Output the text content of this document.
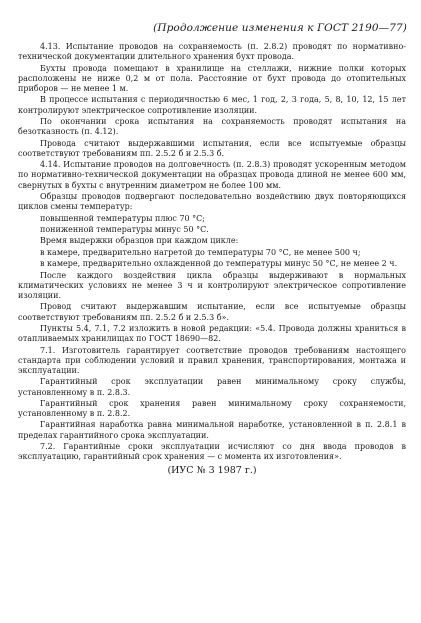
(Продолжение изменения к ГОСТ 2190—77)

4.13. Испытание проводов на сохраняемость (п. 2.8.2) проводят по нормативно-технической документации длительного хранения бухт провода.

Бухты провода помещают в хранилище на стеллажи, нижние полки которых расположены не ниже 0,2 м от пола. Расстояние от бухт провода до отопительных приборов — не менее 1 м.

В процессе испытания с периодичностью 6 мес, 1 год, 2, 3 года, 5, 8, 10, 12, 15 лет контролируют электрическое сопротивление изоляции.

По окончании срока испытания на сохраняемость проводят испытания на безотказность (п. 4.12).

Провода считают выдержавшими испытания, если все испытуемые образцы соответствуют требованиям пп. 2.5.2 б и 2.5.3 б.

4.14. Испытание проводов на долговечность (п. 2.8.3) проводят ускоренным методом по нормативно-технической документации на образцах провода длиной не менее 600 мм, свернутых в бухты с внутренним диаметром не более 100 мм.

Образцы проводов подвергают последовательно воздействию двух повторяющихся циклов смены температур:

повышенной температуры плюс 70 °С;

пониженной температуры минус 50 °С.

Время выдержки образцов при каждом цикле:

в камере, предварительно нагретой до температуры 70 °С, не менее 500 ч;

в камере, предварительно охлажденной до температуры минус 50 °С, не менее 2 ч.

После каждого воздействия цикла образцы выдерживают в нормальных климатических условиях не менее 3 ч и контролируют электрическое сопротивление изоляции.

Провод считают выдержавшим испытание, если все испытуемые образцы соответствуют требованиям пп. 2.5.2 б и 2.5.3 б».

Пункты 5.4, 7.1, 7.2 изложить в новой редакции: «5.4. Провода должны храниться в отапливаемых хранилищах по ГОСТ 18690—82.

7.1. Изготовитель гарантирует соответствие проводов требованиям настоящего стандарта при соблюдении условий и правил хранения, транспортирования, монтажа и эксплуатации.

Гарантийный срок эксплуатации равен минимальному сроку службы, установленному в п. 2.8.3.

Гарантийный срок хранения равен минимальному сроку сохраняемости, установленному в п. 2.8.2.

Гарантийная наработка равна минимальной наработке, установленной в п. 2.8.1 в пределах гарантийного срока эксплуатации.

7.2. Гарантийные сроки эксплуатации исчисляют со дня ввода проводов в эксплуатацию, гарантийный срок хранения — с момента их изготовления».

(ИУС № 3 1987 г.)
